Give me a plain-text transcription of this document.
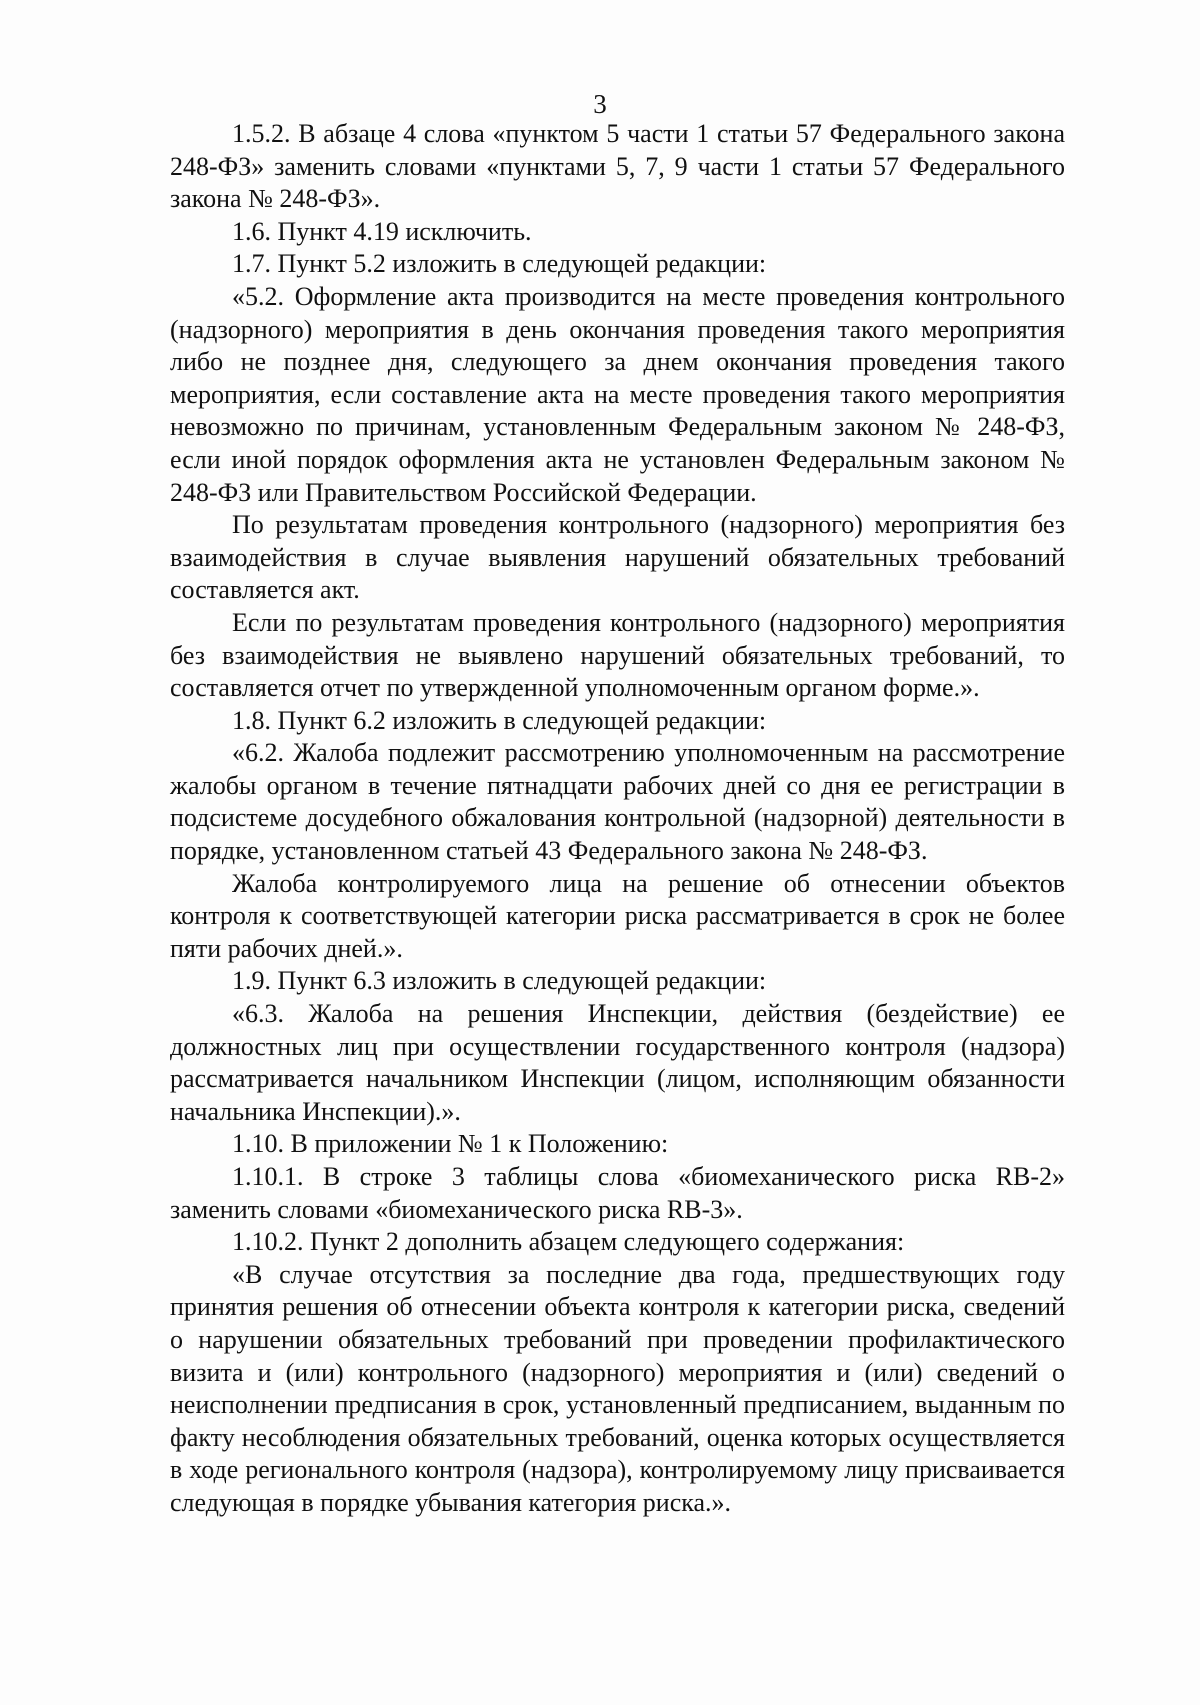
3

1.5.2. В абзаце 4 слова «пунктом 5 части 1 статьи 57 Федерального закона 248-ФЗ» заменить словами «пунктами 5, 7, 9 части 1 статьи 57 Федерального закона № 248-ФЗ».

1.6. Пункт 4.19 исключить.

1.7. Пункт 5.2 изложить в следующей редакции:

«5.2. Оформление акта производится на месте проведения контрольного (надзорного) мероприятия в день окончания проведения такого мероприятия либо не позднее дня, следующего за днем окончания проведения такого мероприятия, если составление акта на месте проведения такого мероприятия невозможно по причинам, установленным Федеральным законом № 248-ФЗ, если иной порядок оформления акта не установлен Федеральным законом № 248-ФЗ или Правительством Российской Федерации.

По результатам проведения контрольного (надзорного) мероприятия без взаимодействия в случае выявления нарушений обязательных требований составляется акт.

Если по результатам проведения контрольного (надзорного) мероприятия без взаимодействия не выявлено нарушений обязательных требований, то составляется отчет по утвержденной уполномоченным органом форме.».

1.8. Пункт 6.2 изложить в следующей редакции:

«6.2. Жалоба подлежит рассмотрению уполномоченным на рассмотрение жалобы органом в течение пятнадцати рабочих дней со дня ее регистрации в подсистеме досудебного обжалования контрольной (надзорной) деятельности в порядке, установленном статьей 43 Федерального закона № 248-ФЗ.

Жалоба контролируемого лица на решение об отнесении объектов контроля к соответствующей категории риска рассматривается в срок не более пяти рабочих дней.».

1.9. Пункт 6.3 изложить в следующей редакции:

«6.3. Жалоба на решения Инспекции, действия (бездействие) ее должностных лиц при осуществлении государственного контроля (надзора) рассматривается начальником Инспекции (лицом, исполняющим обязанности начальника Инспекции).».

1.10. В приложении № 1 к Положению:

1.10.1. В строке 3 таблицы слова «биомеханического риска RB-2» заменить словами «биомеханического риска RB-3».

1.10.2. Пункт 2 дополнить абзацем следующего содержания:

«В случае отсутствия за последние два года, предшествующих году принятия решения об отнесении объекта контроля к категории риска, сведений о нарушении обязательных требований при проведении профилактического визита и (или) контрольного (надзорного) мероприятия и (или) сведений о неисполнении предписания в срок, установленный предписанием, выданным по факту несоблюдения обязательных требований, оценка которых осуществляется в ходе регионального контроля (надзора), контролируемому лицу присваивается следующая в порядке убывания категория риска.».
